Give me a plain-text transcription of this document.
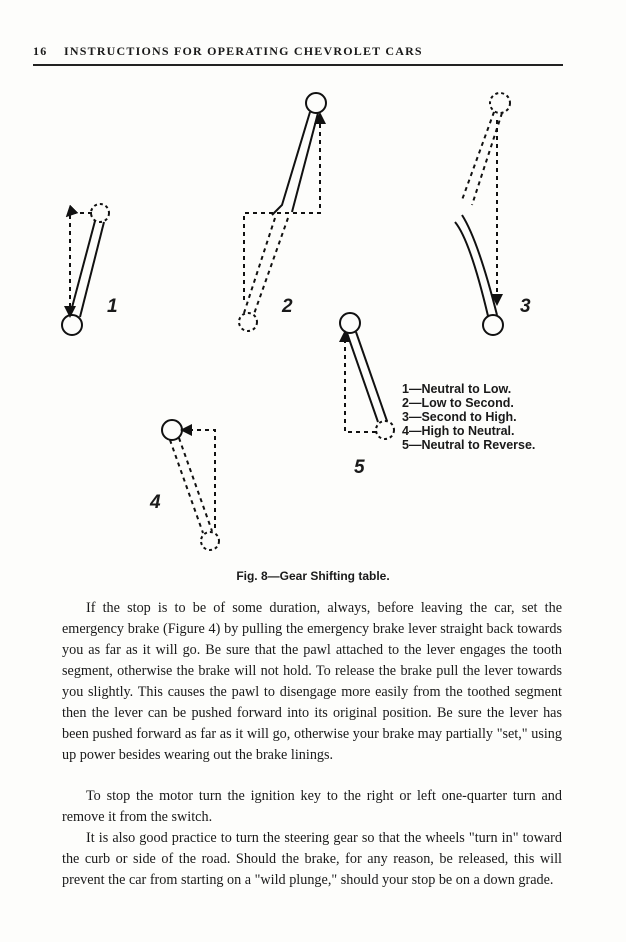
16 INSTRUCTIONS FOR OPERATING CHEVROLET CARS
1	2	3
4
5
1—Neutral to Low.
2—Low to Second.
3—Second to High.
4—High to Neutral.
5—Neutral to Reverse.
Fig. 8—Gear Shifting table.

If the stop is to be of some duration, always, before leaving the car, set the emergency brake (Figure 4) by pulling the emergency brake lever straight back towards you as far as it will go. Be sure that the pawl attached to the lever engages the tooth segment, otherwise the brake will not hold. To release the brake pull the lever towards you slightly. This causes the pawl to disengage more easily from the toothed segment then the lever can be pushed forward into its original position. Be sure the lever has been pushed forward as far as it will go, otherwise your brake may partially "set," using up power besides wearing out the brake linings.

To stop the motor turn the ignition key to the right or left one-quarter turn and remove it from the switch.

It is also good practice to turn the steering gear so that the wheels "turn in" toward the curb or side of the road. Should the brake, for any reason, be released, this will prevent the car from starting on a "wild plunge," should your stop be on a down grade.
